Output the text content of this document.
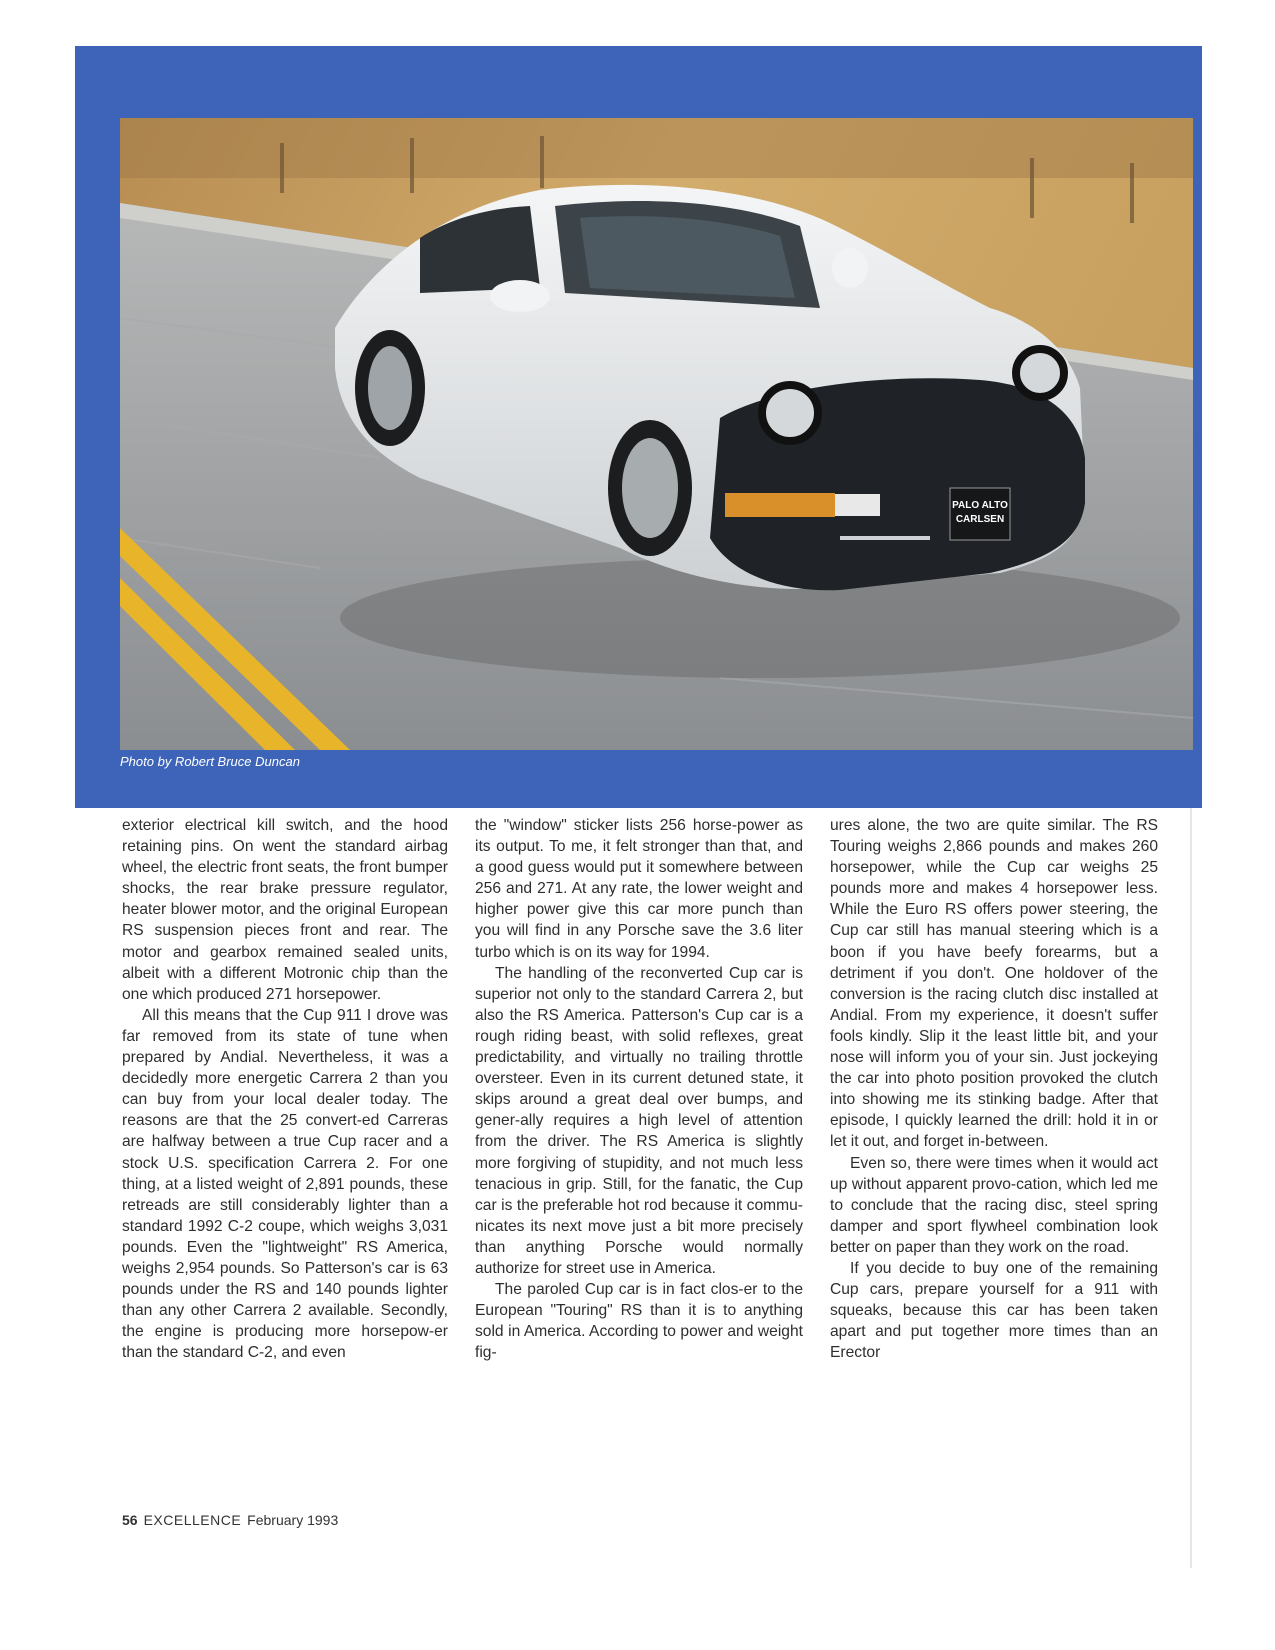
PALO ALTO
CARLSEN
Photo by Robert Bruce Duncan

exterior electrical kill switch, and the hood retaining pins. On went the standard airbag wheel, the electric front seats, the front bumper shocks, the rear brake pressure regulator, heater blower motor, and the original European RS suspension pieces front and rear. The motor and gearbox remained sealed units, albeit with a different Motronic chip than the one which produced 271 horsepower.

All this means that the Cup 911 I drove was far removed from its state of tune when prepared by Andial. Nevertheless, it was a decidedly more energetic Carrera 2 than you can buy from your local dealer today. The reasons are that the 25 convert-ed Carreras are halfway between a true Cup racer and a stock U.S. specification Carrera 2. For one thing, at a listed weight of 2,891 pounds, these retreads are still considerably lighter than a standard 1992 C-2 coupe, which weighs 3,031 pounds. Even the "lightweight" RS America, weighs 2,954 pounds. So Patterson's car is 63 pounds under the RS and 140 pounds lighter than any other Carrera 2 available. Secondly, the engine is producing more horsepow-er than the standard C-2, and even

the "window" sticker lists 256 horse-power as its output. To me, it felt stronger than that, and a good guess would put it somewhere between 256 and 271. At any rate, the lower weight and higher power give this car more punch than you will find in any Porsche save the 3.6 liter turbo which is on its way for 1994.

The handling of the reconverted Cup car is superior not only to the standard Carrera 2, but also the RS America. Patterson's Cup car is a rough riding beast, with solid reflexes, great predictability, and virtually no trailing throttle oversteer. Even in its current detuned state, it skips around a great deal over bumps, and gener-ally requires a high level of attention from the driver. The RS America is slightly more forgiving of stupidity, and not much less tenacious in grip. Still, for the fanatic, the Cup car is the preferable hot rod because it commu-nicates its next move just a bit more precisely than anything Porsche would normally authorize for street use in America.

The paroled Cup car is in fact clos-er to the European "Touring" RS than it is to anything sold in America. According to power and weight fig-

ures alone, the two are quite similar. The RS Touring weighs 2,866 pounds and makes 260 horsepower, while the Cup car weighs 25 pounds more and makes 4 horsepower less. While the Euro RS offers power steering, the Cup car still has manual steering which is a boon if you have beefy forearms, but a detriment if you don't. One holdover of the conversion is the racing clutch disc installed at Andial. From my experience, it doesn't suffer fools kindly. Slip it the least little bit, and your nose will inform you of your sin. Just jockeying the car into photo position provoked the clutch into showing me its stinking badge. After that episode, I quickly learned the drill: hold it in or let it out, and forget in-between.

Even so, there were times when it would act up without apparent provo-cation, which led me to conclude that the racing disc, steel spring damper and sport flywheel combination look better on paper than they work on the road.

If you decide to buy one of the remaining Cup cars, prepare yourself for a 911 with squeaks, because this car has been taken apart and put together more times than an Erector

56 EXCELLENCE February 1993
